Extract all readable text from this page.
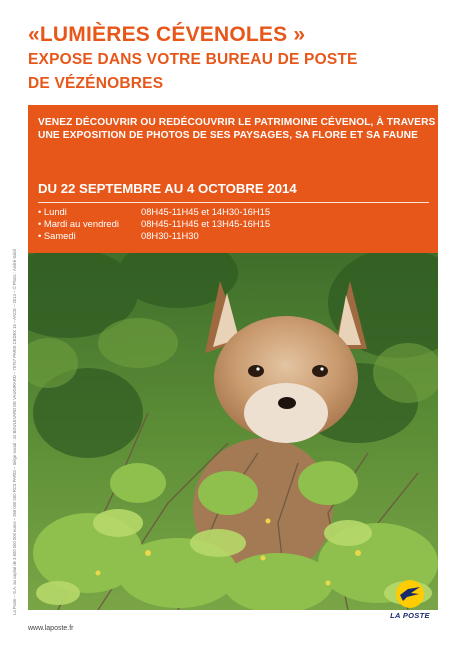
«LUMIÈRES CÉVENOLES »
EXPOSE DANS VOTRE BUREAU DE POSTE
DE VÉZÉNOBRES
VENEZ DÉCOUVRIR OU REDÉCOUVRIR LE PATRIMOINE CÉVENOL, À TRAVERS
UNE EXPOSITION DE PHOTOS DE SES PAYSAGES, SA FLORE ET SA FAUNE
DU 22 SEPTEMBRE AU 4 OCTOBRE 2014
• Lundi	08H45-11H45 et 14H30-16H15
• Mardi au vendredi 08H45-11H45 et 13H45-16H15
• Samedi	08H30-11H30
La Poste – S.A. au capital de 3 800 000 000 euros – 356 000 000 RCS PARIS – Siège social : 44 BOULEVARD DE VAUGIRARD – 75757 PARIS CEDEX 15 – ANCE – 2014 – © Photo : André Sabil
www.laposte.fr
LA POSTE
